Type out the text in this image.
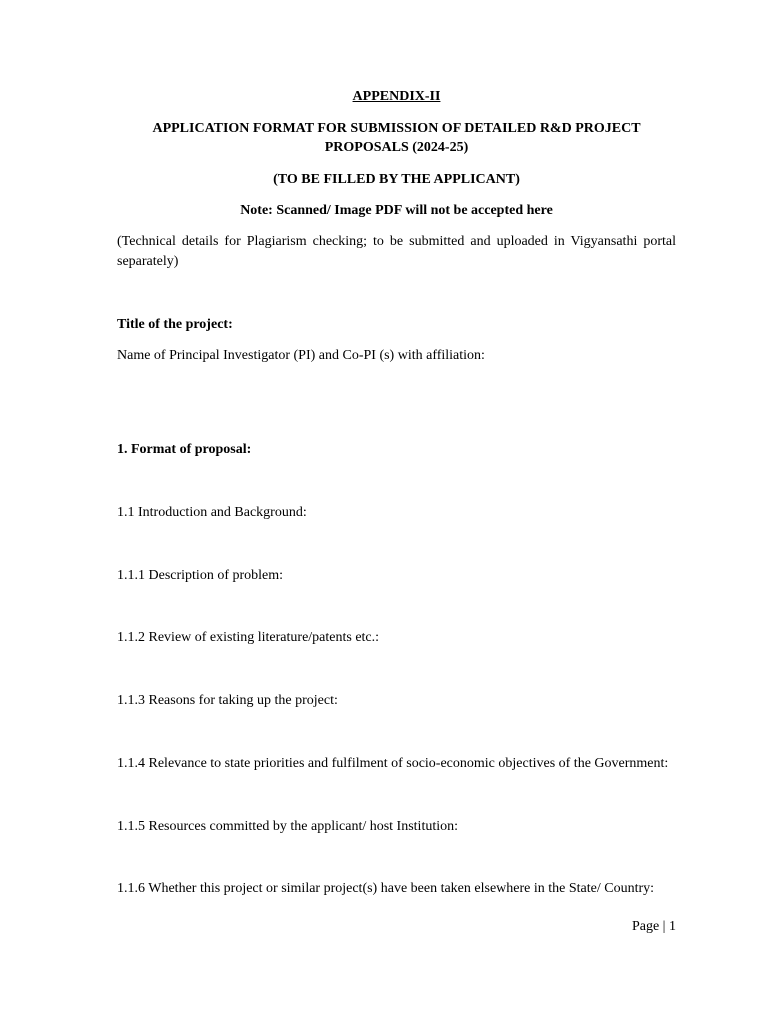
APPENDIX-II
APPLICATION FORMAT FOR SUBMISSION OF DETAILED R&D PROJECT PROPOSALS (2024-25)
(TO BE FILLED BY THE APPLICANT)
Note: Scanned/ Image PDF will not be accepted here
(Technical details for Plagiarism checking; to be submitted and uploaded in Vigyansathi portal separately)
Title of the project:
Name of Principal Investigator (PI) and Co-PI (s) with affiliation:
1. Format of proposal:
1.1 Introduction and Background:
1.1.1 Description of problem:
1.1.2 Review of existing literature/patents etc.:
1.1.3 Reasons for taking up the project:
1.1.4 Relevance to state priorities and fulfilment of socio-economic objectives of the Government:
1.1.5 Resources committed by the applicant/ host Institution:
1.1.6 Whether this project or similar project(s) have been taken elsewhere in the State/ Country:
Page | 1
